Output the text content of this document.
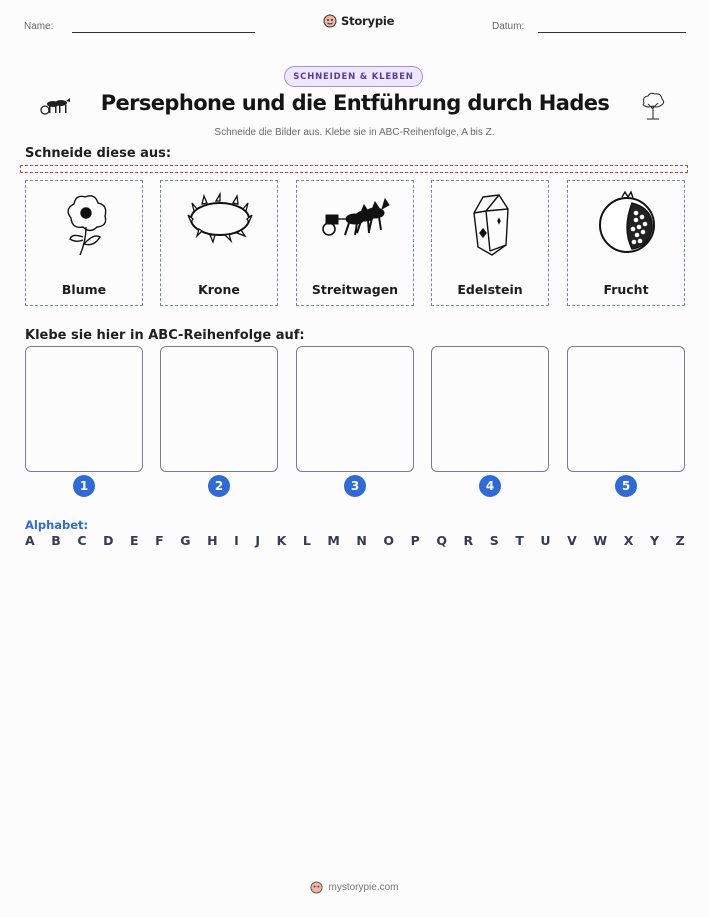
Name:	Storypie	Datum:
SCHNEIDEN & KLEBEN
Persephone und die Entführung durch Hades
Schneide die Bilder aus. Klebe sie in ABC-Reihenfolge, A bis Z.
Schneide diese aus:
Blume	Krone	Streitwagen	Edelstein	Frucht
Klebe sie hier in ABC-Reihenfolge auf:
1	2	3	4	5
Alphabet:
A B C D E F G H I J K L M N O P Q R S T U V W X Y Z
mystorypie.com
